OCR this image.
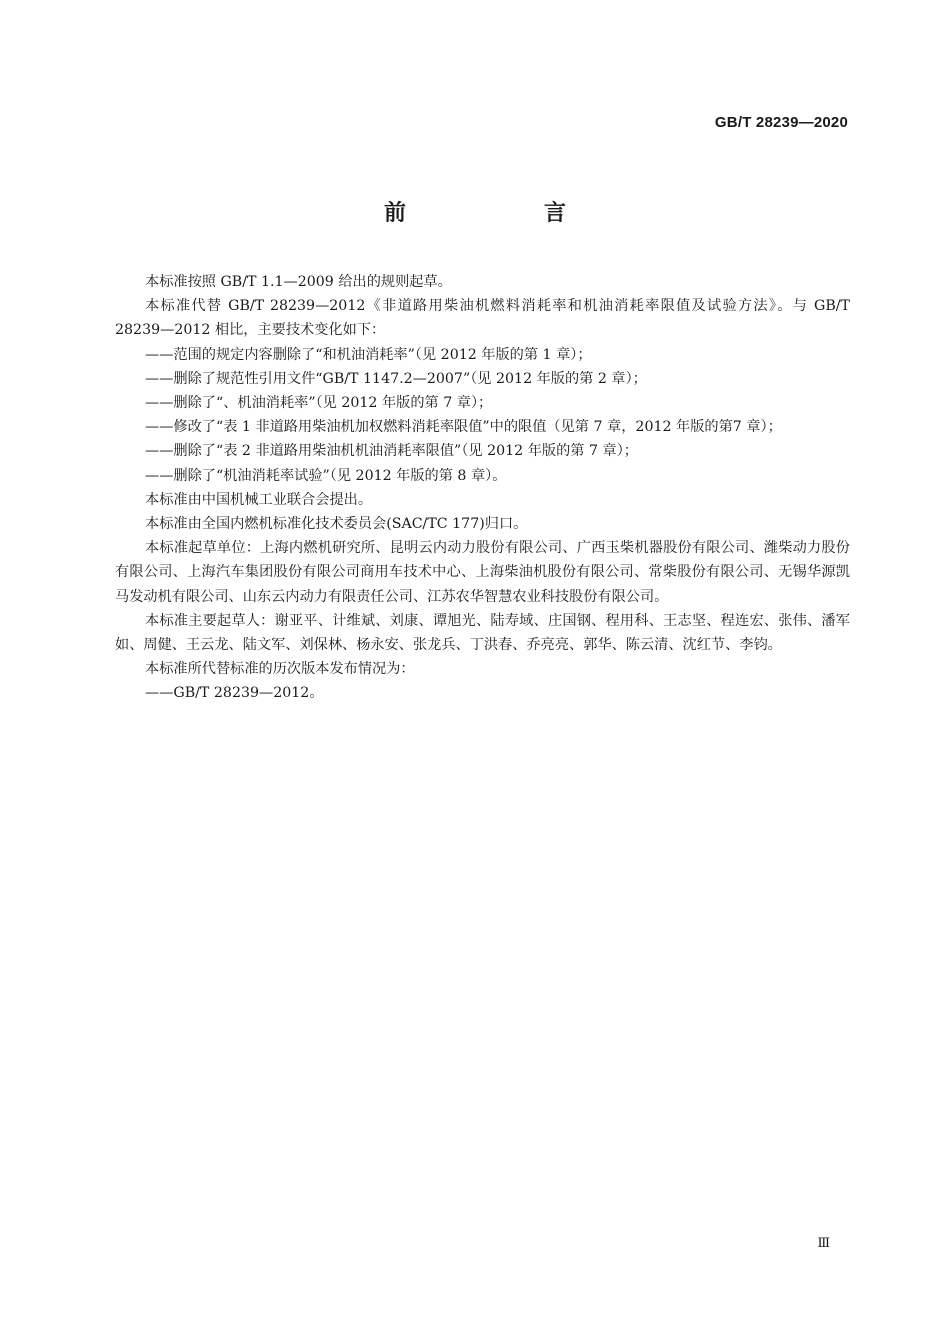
GB/T 28239—2020
前　言

本标准按照 GB/T 1.1—2009 给出的规则起草。

本标准代替 GB/T 28239—2012《非道路用柴油机燃料消耗率和机油消耗率限值及试验方法》。与 GB/T 28239—2012 相比，主要技术变化如下：

——范围的规定内容删除了“和机油消耗率”（见 2012 年版的第 1 章）；

——删除了规范性引用文件“GB/T 1147.2—2007”（见 2012 年版的第 2 章）；

——删除了“、机油消耗率”（见 2012 年版的第 7 章）；

——修改了“表 1 非道路用柴油机加权燃料消耗率限值”中的限值（见第 7 章，2012 年版的第7 章）；

——删除了“表 2 非道路用柴油机机油消耗率限值”（见 2012 年版的第 7 章）；

——删除了“机油消耗率试验”（见 2012 年版的第 8 章）。

本标准由中国机械工业联合会提出。

本标准由全国内燃机标准化技术委员会(SAC/TC 177)归口。

本标准起草单位：上海内燃机研究所、昆明云内动力股份有限公司、广西玉柴机器股份有限公司、潍柴动力股份有限公司、上海汽车集团股份有限公司商用车技术中心、上海柴油机股份有限公司、常柴股份有限公司、无锡华源凯马发动机有限公司、山东云内动力有限责任公司、江苏农华智慧农业科技股份有限公司。

本标准主要起草人：谢亚平、计维斌、刘康、谭旭光、陆寿域、庄国钢、程用科、王志坚、程连宏、张伟、潘军如、周健、王云龙、陆文军、刘保林、杨永安、张龙兵、丁洪春、乔亮亮、郭华、陈云清、沈红节、李钧。

本标准所代替标准的历次版本发布情况为：

——GB/T 28239—2012。

Ⅲ
